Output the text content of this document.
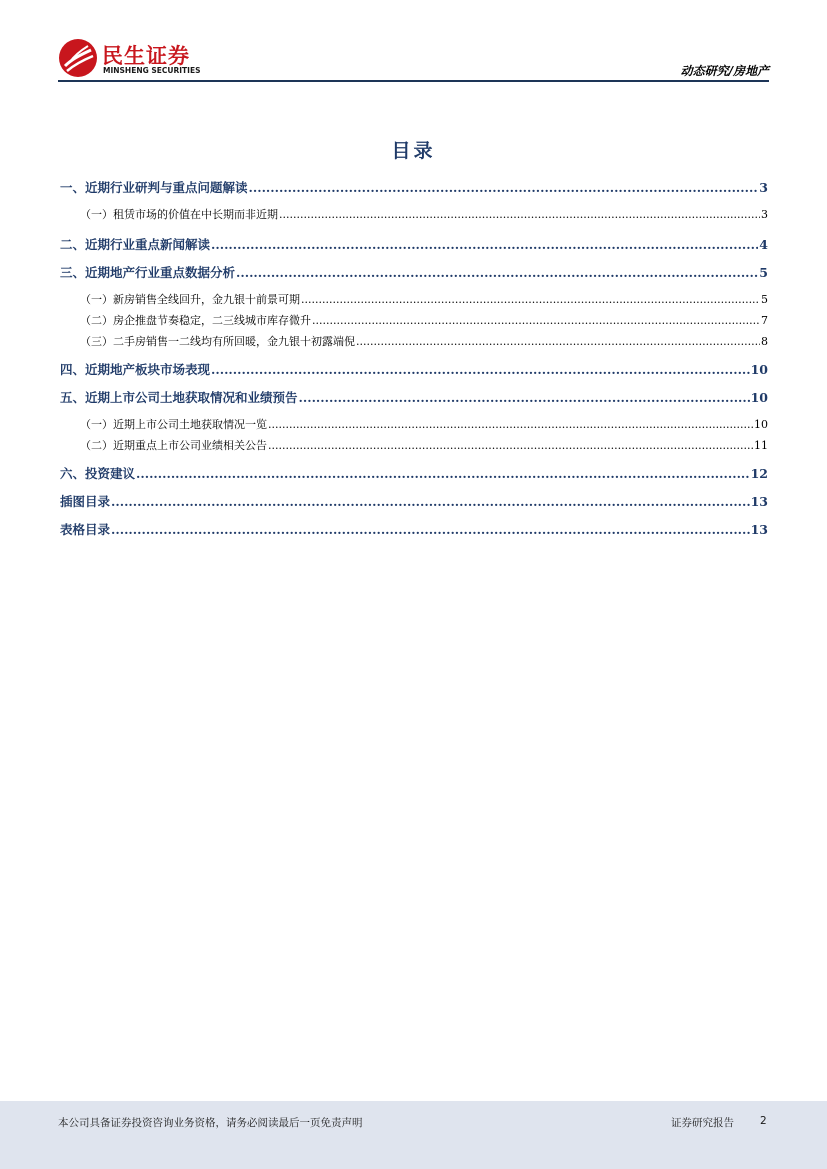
民生证券
MINSHENG SECURITIES	动态研究/房地产
目录
一、近期行业研判与重点问题解读 .....	3
（一）租赁市场的价值在中长期而非近期 .....	3
二、近期行业重点新闻解读 .....	4
三、近期地产行业重点数据分析 .....	5
（一）新房销售全线回升，金九银十前景可期 .....	5
（二）房企推盘节奏稳定，二三线城市库存微升 .....	7
（三）二手房销售一二线均有所回暖，金九银十初露端倪 .....	8
四、近期地产板块市场表现 .....	10
五、近期上市公司土地获取情况和业绩预告 .....	10
（一）近期上市公司土地获取情况一览 .....	10
（二）近期重点上市公司业绩相关公告 .....	11
六、投资建议 .....	12
插图目录 .....	13
表格目录 .....	13
本公司具备证券投资咨询业务资格，请务必阅读最后一页免责声明	证券研究报告 2
